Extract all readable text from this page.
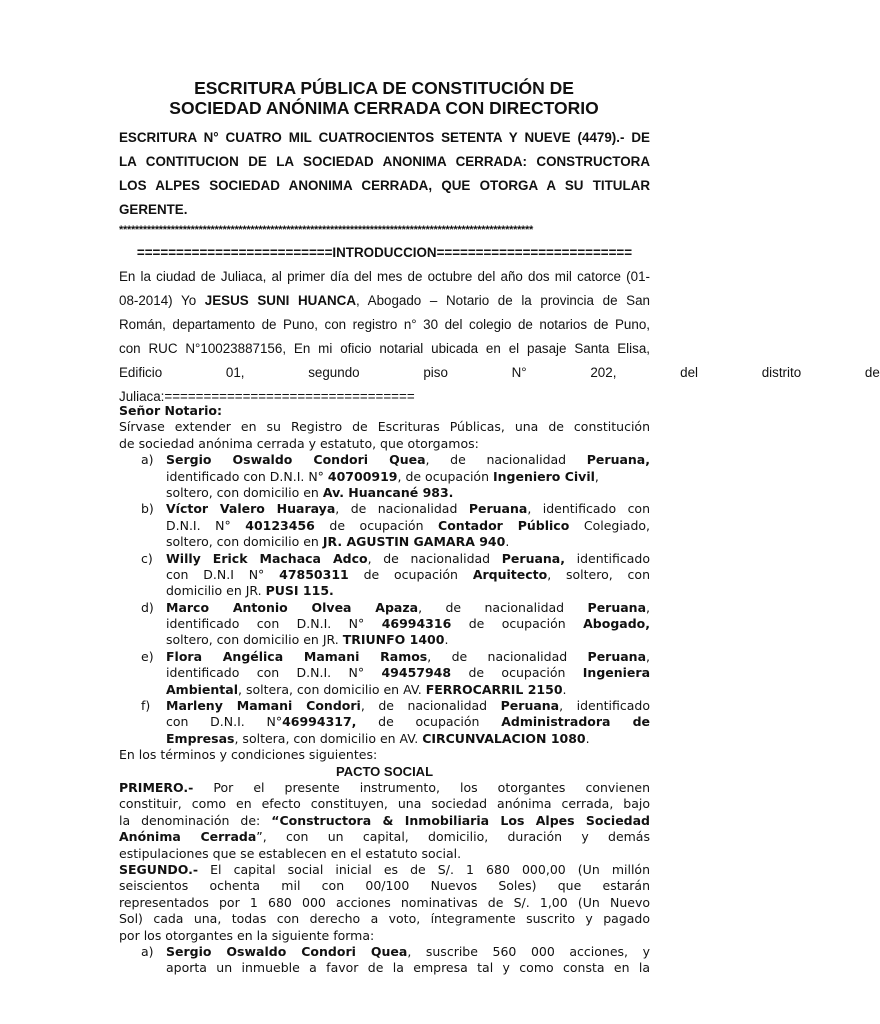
ESCRITURA PÚBLICA DE CONSTITUCIÓN DE
SOCIEDAD ANÓNIMA CERRADA CON DIRECTORIO

ESCRITURA N° CUATRO MIL CUATROCIENTOS SETENTA Y NUEVE (4479).- DE

LA CONTITUCION DE LA SOCIEDAD ANONIMA CERRADA: CONSTRUCTORA

LOS ALPES SOCIEDAD ANONIMA CERRADA, QUE OTORGA A SU TITULAR

GERENTE.

********************************************************************************************************

=========================INTRODUCCION=========================

En la ciudad de Juliaca, al primer día del mes de octubre del año dos mil catorce (01-

08-2014) Yo JESUS SUNI HUANCA, Abogado – Notario de la provincia de San

Román, departamento de Puno, con registro n° 30 del colegio de notarios de Puno,

con RUC N°10023887156, En mi oficio notarial ubicada en el pasaje Santa Elisa,

Edificio 01, segundo piso N° 202, del distrito de

Juliaca:================================

Señor Notario:

Sírvase extender en su Registro de Escrituras Públicas, una de constitución

de sociedad anónima cerrada y estatuto, que otorgamos:

a) Sergio Oswaldo Condori Quea, de nacionalidad Peruana,

identificado con D.N.I. N° 40700919, de ocupación Ingeniero Civil,

soltero, con domicilio en Av. Huancané 983.

b) Víctor Valero Huaraya, de nacionalidad Peruana, identificado con

D.N.I. N° 40123456 de ocupación Contador Público Colegiado,

soltero, con domicilio en JR. AGUSTIN GAMARA 940.

c) Willy Erick Machaca Adco, de nacionalidad Peruana, identificado

con D.N.I N° 47850311 de ocupación Arquitecto, soltero, con

domicilio en JR. PUSI 115.

d) Marco Antonio Olvea Apaza, de nacionalidad Peruana,

identificado con D.N.I. N° 46994316 de ocupación Abogado,

soltero, con domicilio en JR. TRIUNFO 1400.

e) Flora Angélica Mamani Ramos, de nacionalidad Peruana,

identificado con D.N.I. N° 49457948 de ocupación Ingeniera

Ambiental, soltera, con domicilio en AV. FERROCARRIL 2150.

f) Marleny Mamani Condori, de nacionalidad Peruana, identificado

con D.N.I. N°46994317, de ocupación Administradora de

Empresas, soltera, con domicilio en AV. CIRCUNVALACION 1080.

En los términos y condiciones siguientes:

PACTO SOCIAL

PRIMERO.- Por el presente instrumento, los otorgantes convienen

constituir, como en efecto constituyen, una sociedad anónima cerrada, bajo

la denominación de: “Constructora & Inmobiliaria Los Alpes Sociedad

Anónima Cerrada”, con un capital, domicilio, duración y demás

estipulaciones que se establecen en el estatuto social.

SEGUNDO.- El capital social inicial es de S/. 1 680 000,00 (Un millón

seiscientos ochenta mil con 00/100 Nuevos Soles) que estarán

representados por 1 680 000 acciones nominativas de S/. 1,00 (Un Nuevo

Sol) cada una, todas con derecho a voto, íntegramente suscrito y pagado

por los otorgantes en la siguiente forma:

a) Sergio Oswaldo Condori Quea, suscribe 560 000 acciones, y

aporta un inmueble a favor de la empresa tal y como consta en la
